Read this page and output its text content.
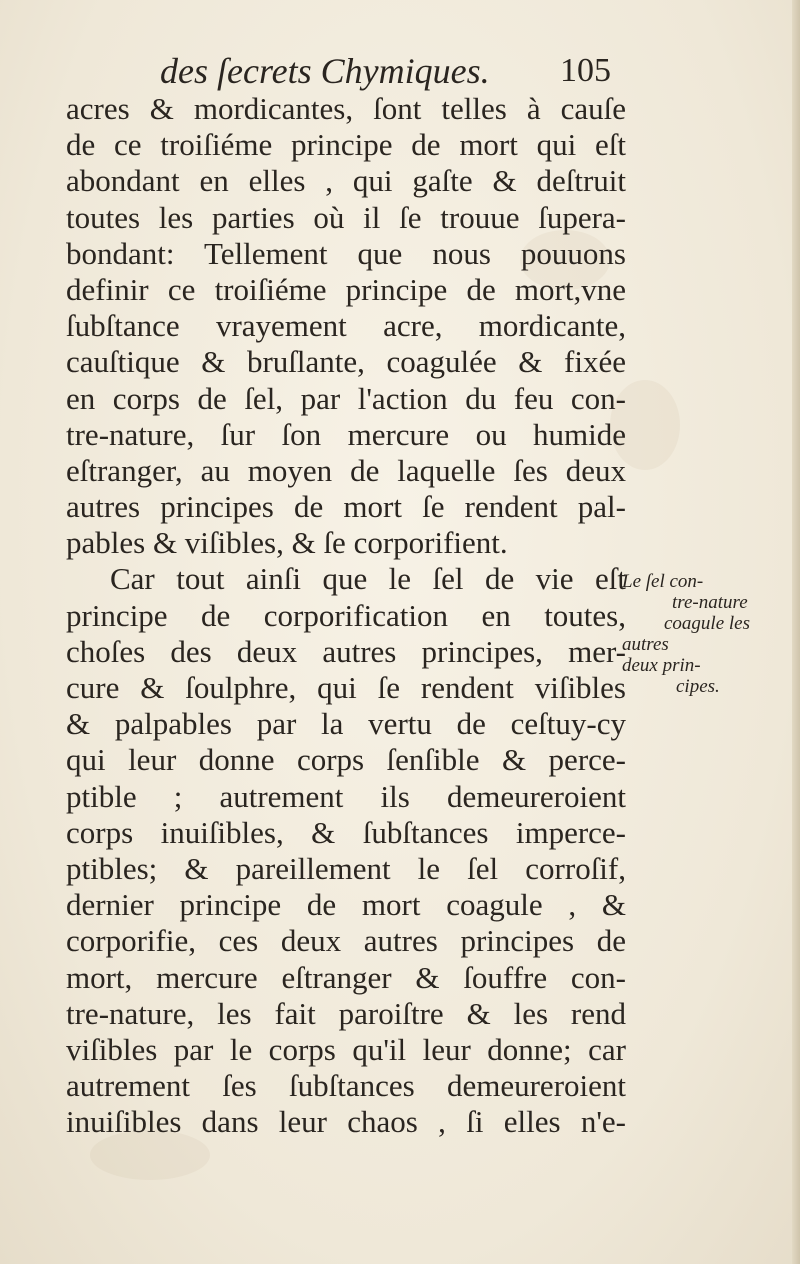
des ſecrets Chymiques. 105
acres & mordicantes, ſont telles à cauſe
de ce troiſiéme principe de mort qui eſt
abondant en elles , qui gaſte & deſtruit
toutes les parties où il ſe trouue ſupera-
bondant: Tellement que nous pouuons
definir ce troiſiéme principe de mort,vne
ſubſtance vrayement acre, mordicante,
cauſtique & bruſlante, coagulée & fixée
en corps de ſel, par l'action du feu con-
tre-nature, ſur ſon mercure ou humide
eſtranger, au moyen de laquelle ſes deux
autres principes de mort ſe rendent pal-
pables & viſibles, & ſe corporifient.
Car tout ainſi que le ſel de vie eſt
principe de corporification en toutes,
choſes des deux autres principes, mer-
cure & ſoulphre, qui ſe rendent viſibles
& palpables par la vertu de ceſtuy-cy
qui leur donne corps ſenſible & perce-
ptible ; autrement ils demeureroient
corps inuiſibles, & ſubſtances imperce-
ptibles; & pareillement le ſel corroſif,
dernier principe de mort coagule , &
corporifie, ces deux autres principes de
mort, mercure eſtranger & ſouffre con-
tre-nature, les fait paroiſtre & les rend
viſibles par le corps qu'il leur donne; car
autrement ſes ſubſtances demeureroient
inuiſibles dans leur chaos , ſi elles n'e-
Le ſel con-
tre-nature
coagule les
autres
deux prin-
cipes.
